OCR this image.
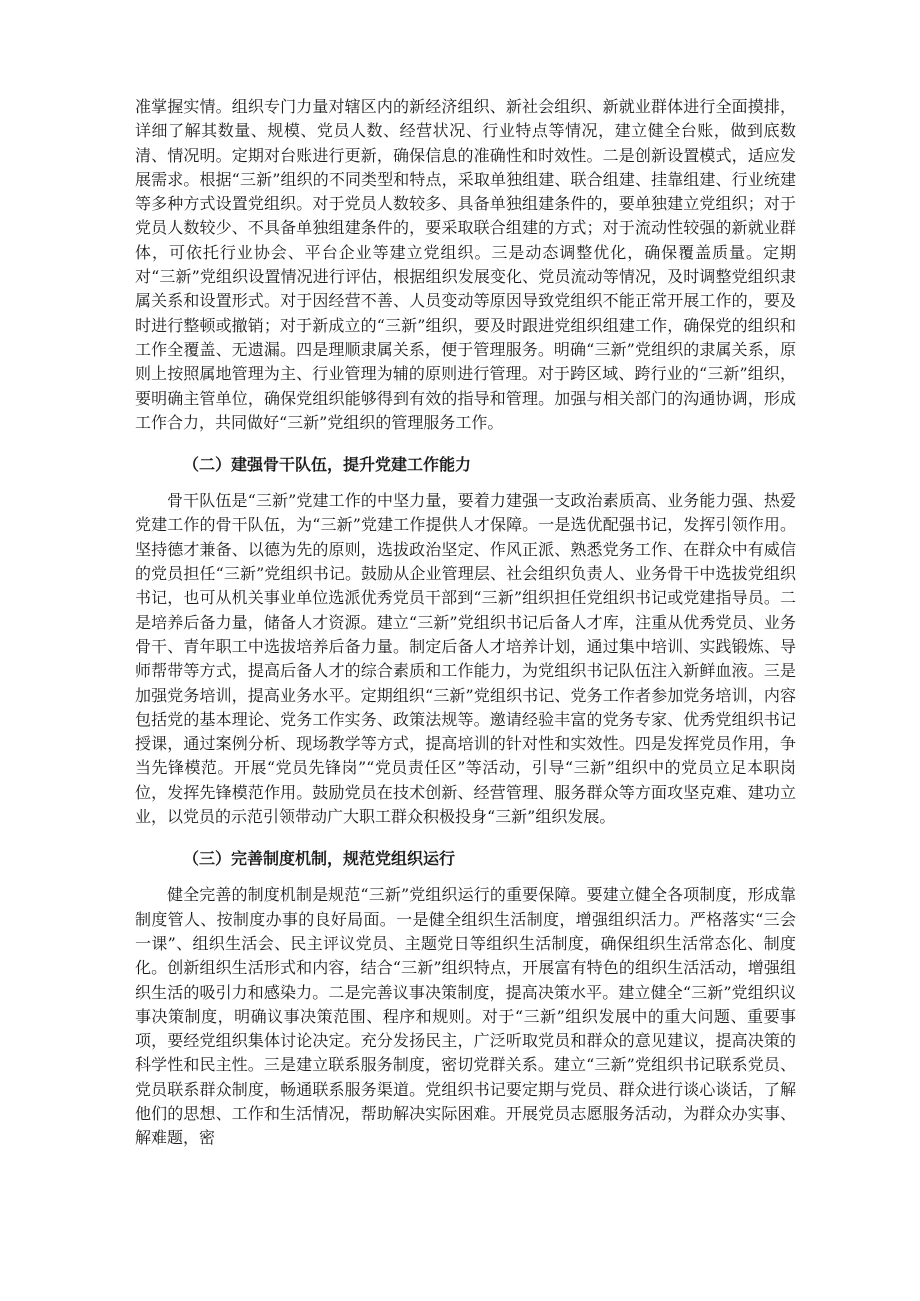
准掌握实情。组织专门力量对辖区内的新经济组织、新社会组织、新就业群体进行全面摸排，详细了解其数量、规模、党员人数、经营状况、行业特点等情况，建立健全台账，做到底数清、情况明。定期对台账进行更新，确保信息的准确性和时效性。二是创新设置模式，适应发展需求。根据“三新”组织的不同类型和特点，采取单独组建、联合组建、挂靠组建、行业统建等多种方式设置党组织。对于党员人数较多、具备单独组建条件的，要单独建立党组织；对于党员人数较少、不具备单独组建条件的，要采取联合组建的方式；对于流动性较强的新就业群体，可依托行业协会、平台企业等建立党组织。三是动态调整优化，确保覆盖质量。定期对“三新”党组织设置情况进行评估，根据组织发展变化、党员流动等情况，及时调整党组织隶属关系和设置形式。对于因经营不善、人员变动等原因导致党组织不能正常开展工作的，要及时进行整顿或撤销；对于新成立的“三新”组织，要及时跟进党组织组建工作，确保党的组织和工作全覆盖、无遗漏。四是理顺隶属关系，便于管理服务。明确“三新”党组织的隶属关系，原则上按照属地管理为主、行业管理为辅的原则进行管理。对于跨区域、跨行业的“三新”组织，要明确主管单位，确保党组织能够得到有效的指导和管理。加强与相关部门的沟通协调，形成工作合力，共同做好“三新”党组织的管理服务工作。

（二）建强骨干队伍，提升党建工作能力

骨干队伍是“三新”党建工作的中坚力量，要着力建强一支政治素质高、业务能力强、热爱党建工作的骨干队伍，为“三新”党建工作提供人才保障。一是选优配强书记，发挥引领作用。坚持德才兼备、以德为先的原则，选拔政治坚定、作风正派、熟悉党务工作、在群众中有威信的党员担任“三新”党组织书记。鼓励从企业管理层、社会组织负责人、业务骨干中选拔党组织书记，也可从机关事业单位选派优秀党员干部到“三新”组织担任党组织书记或党建指导员。二是培养后备力量，储备人才资源。建立“三新”党组织书记后备人才库，注重从优秀党员、业务骨干、青年职工中选拔培养后备力量。制定后备人才培养计划，通过集中培训、实践锻炼、导师帮带等方式，提高后备人才的综合素质和工作能力，为党组织书记队伍注入新鲜血液。三是加强党务培训，提高业务水平。定期组织“三新”党组织书记、党务工作者参加党务培训，内容包括党的基本理论、党务工作实务、政策法规等。邀请经验丰富的党务专家、优秀党组织书记授课，通过案例分析、现场教学等方式，提高培训的针对性和实效性。四是发挥党员作用，争当先锋模范。开展“党员先锋岗”“党员责任区”等活动，引导“三新”组织中的党员立足本职岗位，发挥先锋模范作用。鼓励党员在技术创新、经营管理、服务群众等方面攻坚克难、建功立业，以党员的示范引领带动广大职工群众积极投身“三新”组织发展。

（三）完善制度机制，规范党组织运行

健全完善的制度机制是规范“三新”党组织运行的重要保障。要建立健全各项制度，形成靠制度管人、按制度办事的良好局面。一是健全组织生活制度，增强组织活力。严格落实“三会一课”、组织生活会、民主评议党员、主题党日等组织生活制度，确保组织生活常态化、制度化。创新组织生活形式和内容，结合“三新”组织特点，开展富有特色的组织生活活动，增强组织生活的吸引力和感染力。二是完善议事决策制度，提高决策水平。建立健全“三新”党组织议事决策制度，明确议事决策范围、程序和规则。对于“三新”组织发展中的重大问题、重要事项，要经党组织集体讨论决定。充分发扬民主，广泛听取党员和群众的意见建议，提高决策的科学性和民主性。三是建立联系服务制度，密切党群关系。建立“三新”党组织书记联系党员、党员联系群众制度，畅通联系服务渠道。党组织书记要定期与党员、群众进行谈心谈话，了解他们的思想、工作和生活情况，帮助解决实际困难。开展党员志愿服务活动，为群众办实事、解难题，密
